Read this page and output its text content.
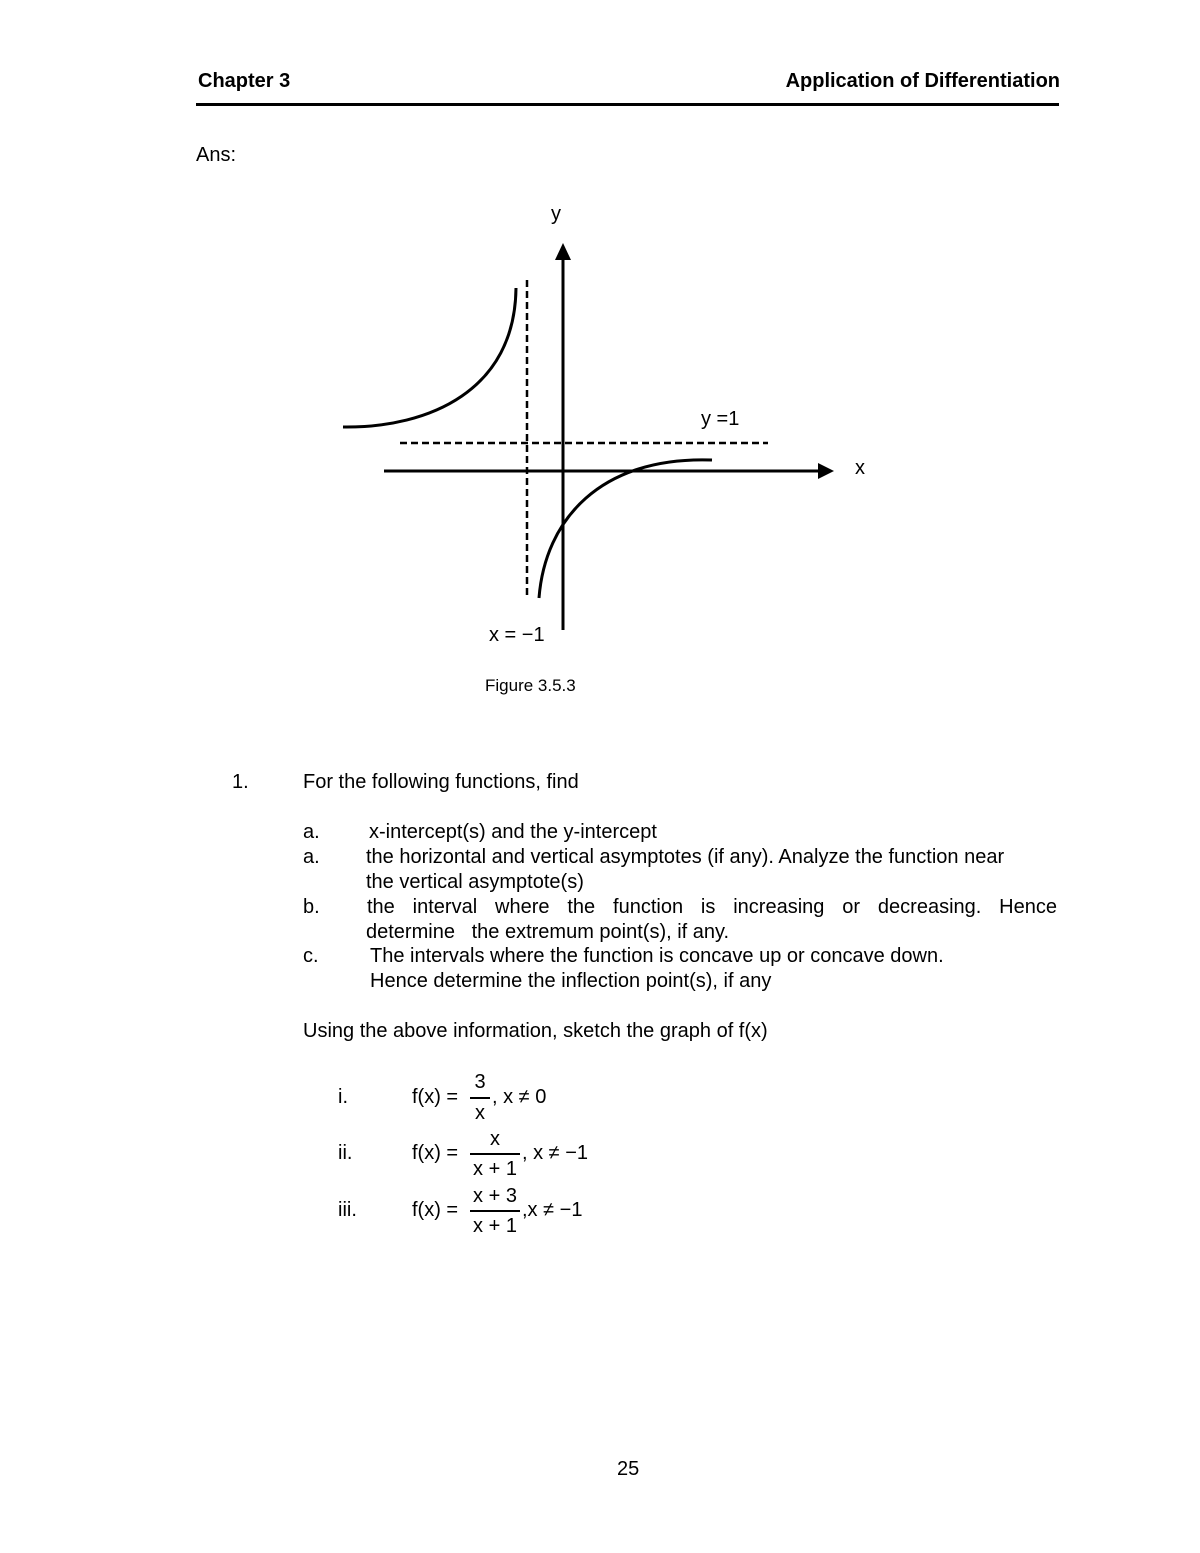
Chapter 3	Application of Differentiation
Ans:
y
x
y =1
x = −1
Figure 3.5.3
1.	For the following functions, find
a. x-intercept(s) and the y-intercept
a. the horizontal and vertical asymptotes (if any). Analyze the function near
the vertical asymptote(s)
b. the interval where the function is increasing or decreasing. Hence
determine   the extremum point(s), if any.
c.	The intervals where the function is concave up or concave down.
Hence determine the inflection point(s), if any
Using the above information, sketch the graph of f(x)
i.	f(x) =
3
x
, x ≠ 0
ii.	f(x) =
x
x + 1
, x ≠ −1
iii.	f(x) =
x + 3
x + 1
,x ≠ −1
25
